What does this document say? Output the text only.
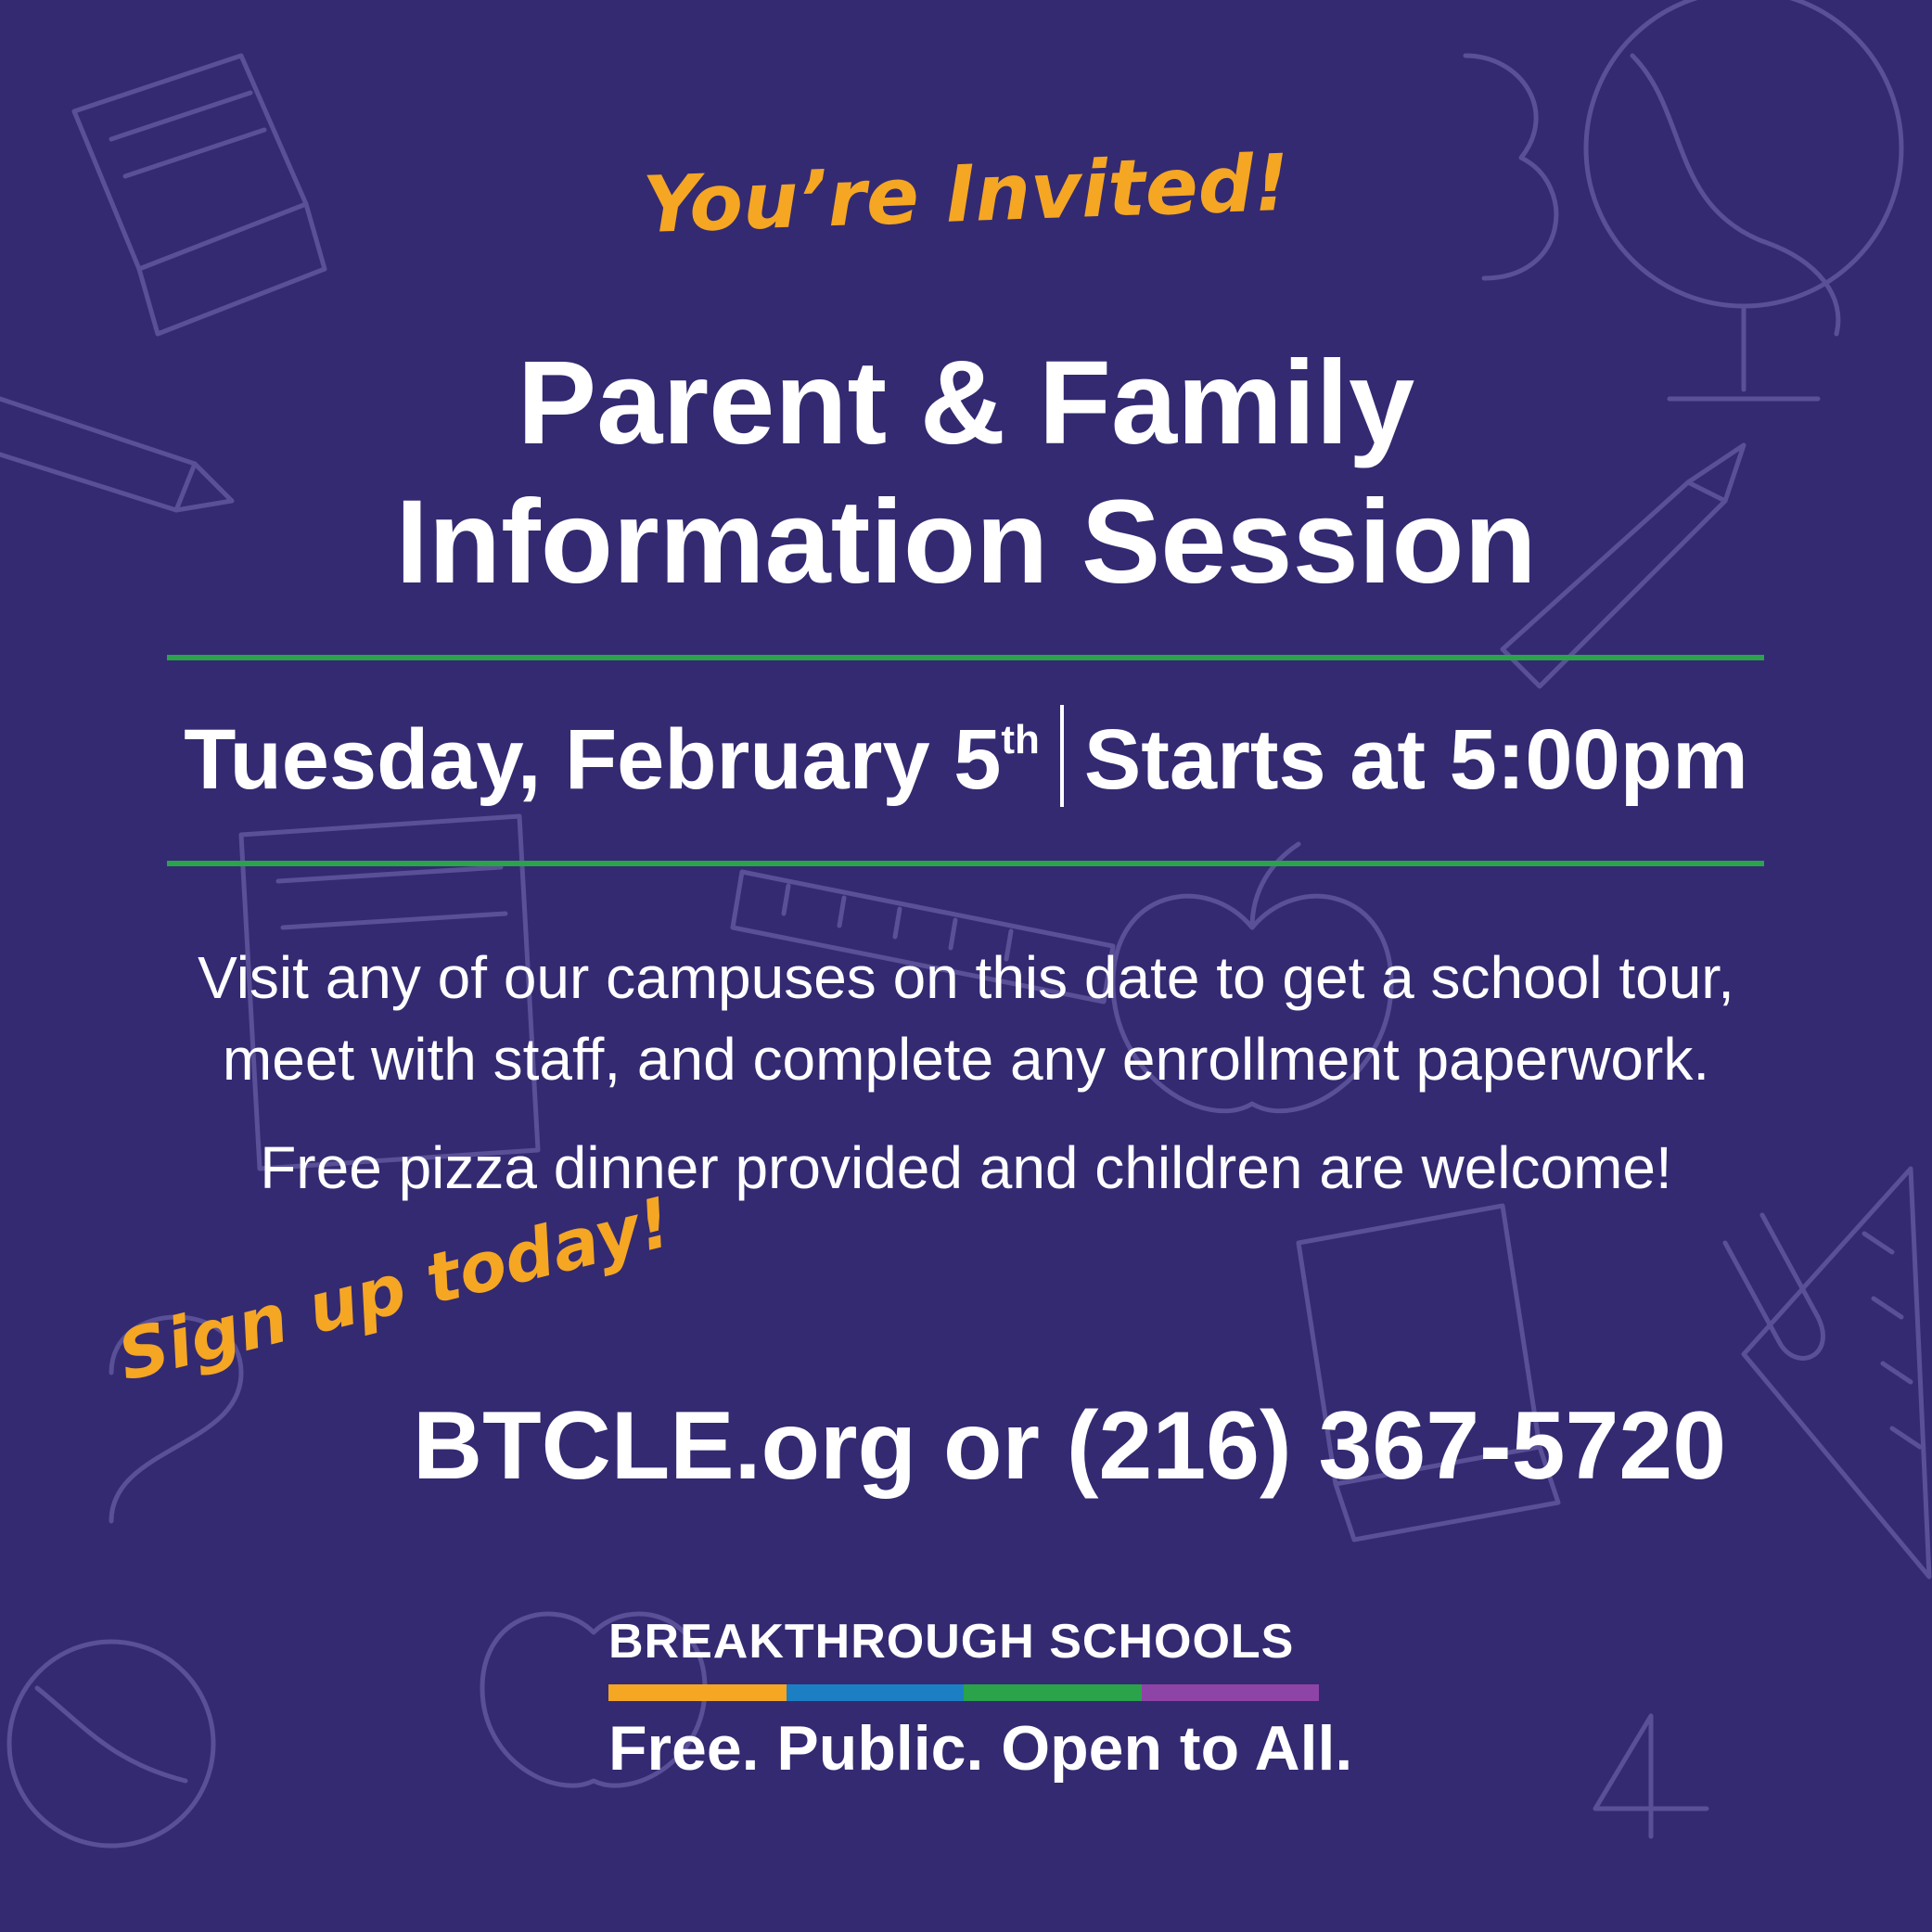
You’re Invited!
Parent & Family
Information Session
Tuesday, February 5th Starts at 5:00pm
Visit any of our campuses on this date to get a school tour,
meet with staff, and complete any enrollment paperwork.
Free pizza dinner provided and children are welcome!
Sign up today!
BTCLE.org or (216) 367-5720
BREAKTHROUGH SCHOOLS
Free. Public. Open to All.
